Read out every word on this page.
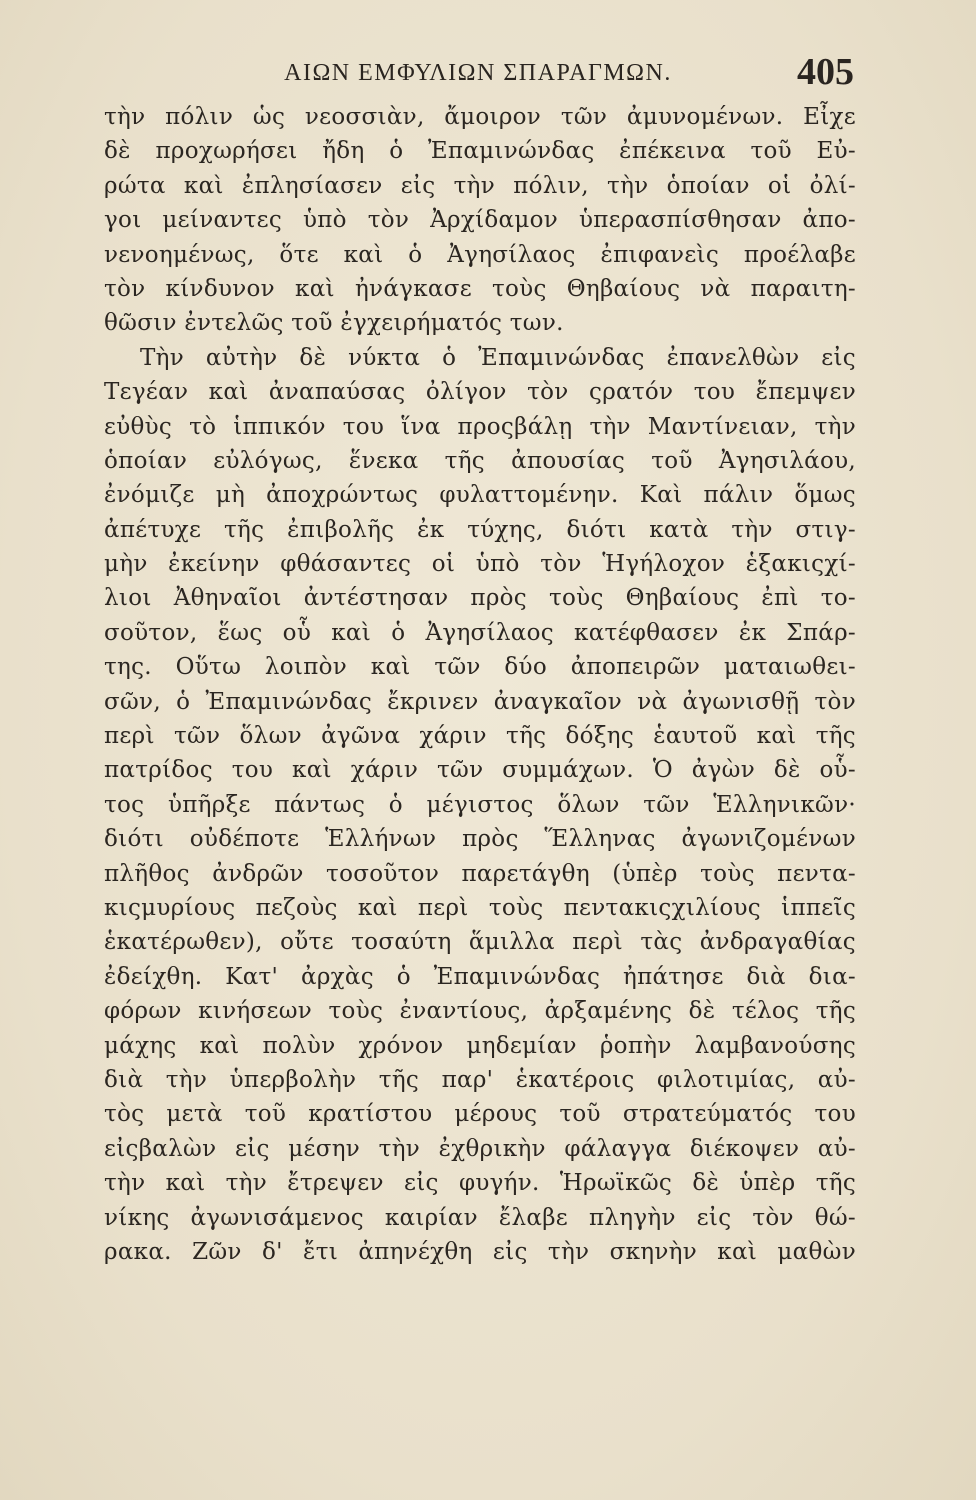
ΑΙΩΝ ΕΜΦΥΛΙΩΝ ΣΠΑΡΑΓΜΩΝ.	405
τὴν πόλιν ὡς νεοσσιὰν, ἄμοιρον τῶν ἀμυνομένων. Εἶχε
δὲ προχωρήσει ἤδη ὁ Ἐπαμινώνδας ἐπέκεινα τοῦ Εὐ-
ρώτα καὶ ἐπλησίασεν εἰς τὴν πόλιν, τὴν ὁποίαν οἱ ὀλί-
γοι μείναντες ὑπὸ τὸν Ἀρχίδαμον ὑπερασπίσθησαν ἀπο-
νενοημένως, ὅτε καὶ ὁ Ἀγησίλαος ἐπιφανεὶς προέλαβε
τὸν κίνδυνον καὶ ἠνάγκασε τοὺς Θηβαίους νὰ παραιτη-
θῶσιν ἐντελῶς τοῦ ἐγχειρήματός των.
Τὴν αὐτὴν δὲ νύκτα ὁ Ἐπαμινώνδας ἐπανελθὼν εἰς
Τεγέαν καὶ ἀναπαύσας ὀλίγον τὸν ςρατόν του ἔπεμψεν
εὐθὺς τὸ ἱππικόν του ἵνα προςβάλῃ τὴν Μαντίνειαν, τὴν
ὁποίαν εὐλόγως, ἕνεκα τῆς ἀπουσίας τοῦ Ἀγησιλάου,
ἐνόμιζε μὴ ἀποχρώντως φυλαττομένην. Καὶ πάλιν ὅμως
ἀπέτυχε τῆς ἐπιβολῆς ἐκ τύχης, διότι κατὰ τὴν στιγ-
μὴν ἐκείνην φθάσαντες οἱ ὑπὸ τὸν Ἡγήλοχον ἑξακιςχί-
λιοι Ἀθηναῖοι ἀντέστησαν πρὸς τοὺς Θηβαίους ἐπὶ το-
σοῦτον, ἕως οὗ καὶ ὁ Ἀγησίλαος κατέφθασεν ἐκ Σπάρ-
της. Οὕτω λοιπὸν καὶ τῶν δύο ἀποπειρῶν ματαιωθει-
σῶν, ὁ Ἐπαμινώνδας ἔκρινεν ἀναγκαῖον νὰ ἀγωνισθῇ τὸν
περὶ τῶν ὅλων ἀγῶνα χάριν τῆς δόξης ἑαυτοῦ καὶ τῆς
πατρίδος του καὶ χάριν τῶν συμμάχων. Ὁ ἀγὼν δὲ οὗ-
τος ὑπῆρξε πάντως ὁ μέγιστος ὅλων τῶν Ἑλληνικῶν·
διότι οὐδέποτε Ἑλλήνων πρὸς Ἕλληνας ἀγωνιζομένων
πλῆθος ἀνδρῶν τοσοῦτον παρετάγθη (ὑπὲρ τοὺς πεντα-
κιςμυρίους πεζοὺς καὶ περὶ τοὺς πεντακιςχιλίους ἱππεῖς
ἑκατέρωθεν), οὔτε τοσαύτη ἅμιλλα περὶ τὰς ἀνδραγαθίας
ἐδείχθη. Κατ' ἀρχὰς ὁ Ἐπαμινώνδας ἠπάτησε διὰ δια-
φόρων κινήσεων τοὺς ἐναντίους, ἀρξαμένης δὲ τέλος τῆς
μάχης καὶ πολὺν χρόνον μηδεμίαν ῥοπὴν λαμβανούσης
διὰ τὴν ὑπερβολὴν τῆς παρ' ἑκατέροις φιλοτιμίας, αὐ-
τὸς μετὰ τοῦ κρατίστου μέρους τοῦ στρατεύματός του
εἰςβαλὼν εἰς μέσην τὴν ἐχθρικὴν φάλαγγα διέκοψεν αὐ-
τὴν καὶ τὴν ἔτρεψεν εἰς φυγήν. Ἡρωϊκῶς δὲ ὑπὲρ τῆς
νίκης ἀγωνισάμενος καιρίαν ἔλαβε πληγὴν εἰς τὸν θώ-
ρακα. Ζῶν δ' ἔτι ἀπηνέχθη εἰς τὴν σκηνὴν καὶ μαθὼν
